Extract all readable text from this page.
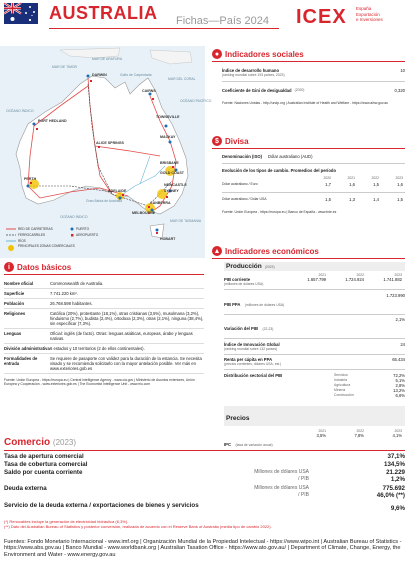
AUSTRALIA Fichas—País 2024 ICEX España
Exportación
e Inversiones
MAR DE ARAFURA
MAR DE TIMOR
Golfo de Carpentaria
MAR DEL CORAL
OCÉANO PACÍFICO
OCÉANO ÍNDICO
Gran Bahía de Australia
OCÉANO ÍNDICO
MAR DE TASMANIA
DARWIN
CAIRNS
PORT HEDLAND
TOWNSVILLE
MACKAY
BRISBANE
GOLD COAST
PERTH
NEWCASTLE
SYDNEY
ADELAIDE
MELBOURNE
CANBERRA
HOBART
ALICE SPRINGS
RED DE CARRETERAS
FERROCARRILES
RÍOS
PRINCIPALES ZONAS COMERCIALES
PUERTO
AEROPUERTO
● Indicadores sociales
Índice de desarrollo humano
(ranking mundial sobre 193 países, 2023)
10
Coeficiente de Gini de desigualdad (2020)	0,320
Fuente: Naciones Unidas - http://undp.org | Australian Institute of Health and Welfare - https://www.aihw.gov.au
$ Divisa
Denominación (ISO) Dólar australiano (AUD)
Evolución de los tipos de cambio. Promedios del período
2020	2021	2022	2023
Dólar australiano / Euro	1,7	1,6	1,5	1,6
Dólar australiano / Dólar USA	1,5	1,3	1,4	1,5
Fuente: Unión Europea - https://europa.eu | Banco de España - www.bde.es
▲ Indicadores económicos
Producción (2023)
2021	2022	2023
PIB corriente
(millones de dólares USA)
1.657.799	1.724.924	1.741.882
PIB PPA (millones de dólares USA)
1.723.990
Variación del PIB (22-23)
2,1%
Índice de Innovación Global
(ranking mundial sobre 132 países)
24
Renta per cápita en PPA
(precios corrientes, dólares USA, est.)
65.434
Distribución sectorial del PIB	Servicios	72,2%
Industria	5,1%
Agricultura	2,8%
Minería	13,2%
Construcción	6,6%
Precios
2021	2022	2023
IPC (tasa de variación anual)
3,5%	7,8%	4,1%
i Datos básicos
Nombre oficial	Commonwealth de Australia.
Superficie	7.741.220 km².
Población	26.768.598 habitantes.
Religiones	Católica (20%), protestante (18,1%), otras cristianas (3,5%), musulmana (3,2%), hinduismo (2,7%), budista (2,4%), ortodoxa (2,3%), otras (2,1%), ninguna (38,4%), sin especificar (7,3%).
Lenguas	Oficial: inglés (de facto). Otras: lenguas asiáticas, europeas, árabe y lenguas nativas.
División administrativa 6 estados y 10 territorios (2 de ellos continentales).
Formalidades de entrada
Se requiere de pasaporte con validez para la duración de la estancia. Se necesita visado y se recomienda solicitarlo con la mayor antelación posible. Ver más en www.exteriores.gob.es
Fuente: Unión Europea - https://europa.eu | Central Intelligence Agency - www.cia.gov | Ministerio de Asuntos exteriores, Unión Europea y Cooperación - www.exteriores.gob.es | The Economist Intelligence Unit - www.eiu.com
Comercio (2023)
Tasa de apertura comercial	37,1%
Tasa de cobertura comercial	134,5%
Saldo por cuenta corriente	Millones de dólares USA	21.229
/ PIB	1,2%
Deuda externa	Millones de dólares USA	775.692
/ PIB	46,0% (**)
Servicio de la deuda externa / exportaciones de bienes y servicios	9,6%
(*) Renovables incluye la generación de electricidad hidráulica (6,3%).
(**) Dato del Australian Bureau of Statistics y posterior conversión, realizada de acuerdo con el Reserve Bank of Australia (media tipo de cambio 2022).
Fuentes: Fondo Monetario Internacional - www.imf.org | Organización Mundial de la Propiedad Intelectual - https://www.wipo.int | Australian Bureau of Statistics - https://www.abs.gov.au | Banco Mundial - www.worldbank.org | Australian Taxation Office - https://www.ato.gov.au/ | Department of Climate, Change, Energy, the Environment and Water - www.energy.gov.au
